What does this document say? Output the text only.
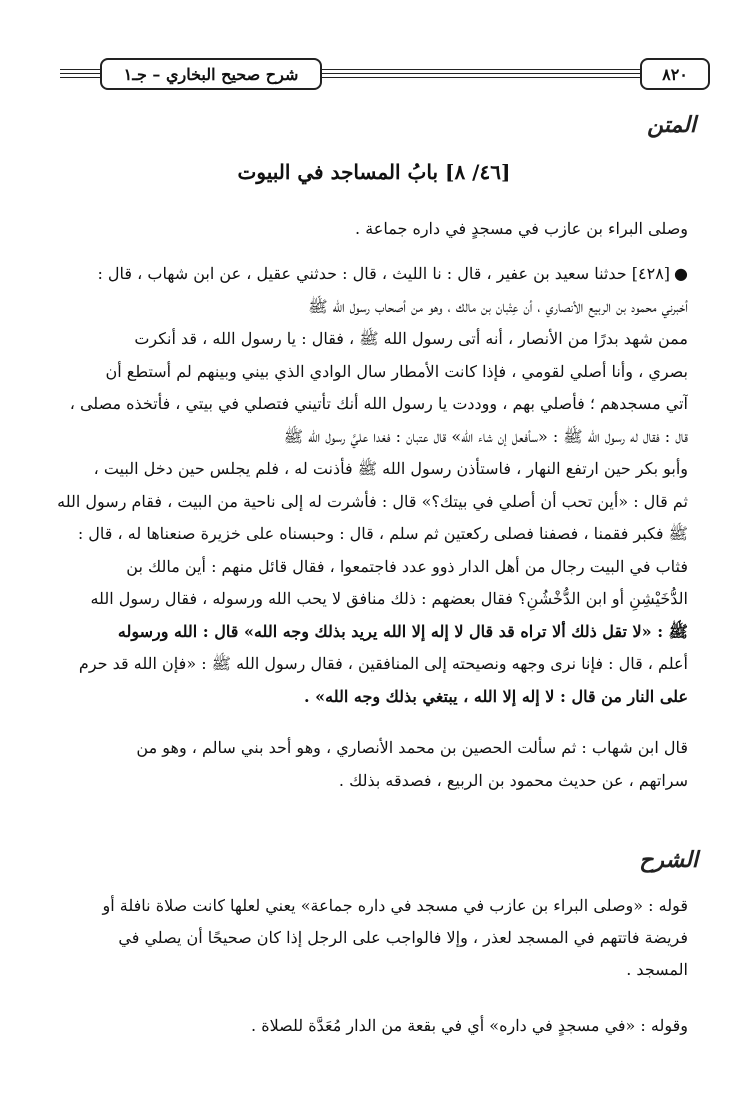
٨٢٠
شرح صحيح البخاري – جـ١
المتن
[٤٦/ ٨] بابُ المساجد في البيوت
وصلى البراء بن عازب في مسجدٍ في داره جماعة .
●[٤٢٨] حدثنا سعيد بن عفير ، قال : نا الليث ، قال : حدثني عقيل ، عن ابن شهاب ، قال :
أخبرني محمود بن الربيع الأنصاري ، أن عِتْبان بن مالك ، وهو من أصحاب رسول الله ﷺ
ممن شهد بدرًا من الأنصار ، أنه أتى رسول الله ﷺ ، فقال : يا رسول الله ، قد أنكرت
بصري ، وأنا أصلي لقومي ، فإذا كانت الأمطار سال الوادي الذي بيني وبينهم لم أستطع أن
آتي مسجدهم ؛ فأصلي بهم ، ووددت يا رسول الله أنك تأتيني فتصلي في بيتي ، فأتخذه مصلى ،
قال : فقال له رسول الله ﷺ : «سأفعل إن شاء الله» قال عتبان : فغدا عليَّ رسول الله ﷺ
وأبو بكر حين ارتفع النهار ، فاستأذن رسول الله ﷺ فأذنت له ، فلم يجلس حين دخل البيت ،
ثم قال : «أين تحب أن أصلي في بيتك؟» قال : فأشرت له إلى ناحية من البيت ، فقام رسول الله
ﷺ فكبر فقمنا ، فصفنا فصلى ركعتين ثم سلم ، قال : وحبسناه على خزيرة صنعناها له ، قال :
فثاب في البيت رجال من أهل الدار ذوو عدد فاجتمعوا ، فقال قائل منهم : أين مالك بن
الدُّخَيْشِنِ أو ابن الدُّخْشُنِ؟ فقال بعضهم : ذلك منافق لا يحب الله ورسوله ، فقال رسول الله
ﷺ : «لا تقل ذلك ألا تراه قد قال لا إله إلا الله يريد بذلك وجه الله» قال : الله ورسوله
أعلم ، قال : فإنا نرى وجهه ونصيحته إلى المنافقين ، فقال رسول الله ﷺ : «فإن الله قد حرم
على النار من قال : لا إله إلا الله ، يبتغي بذلك وجه الله» .
قال ابن شهاب : ثم سألت الحصين بن محمد الأنصاري ، وهو أحد بني سالم ، وهو من
سراتهم ، عن حديث محمود بن الربيع ، فصدقه بذلك .
الشرح
قوله : «وصلى البراء بن عازب في مسجد في داره جماعة» يعني لعلها كانت صلاة نافلة أو
فريضة فاتتهم في المسجد لعذر ، وإلا فالواجب على الرجل إذا كان صحيحًا أن يصلي في
المسجد .
وقوله : «في مسجدٍ في داره» أي في بقعة من الدار مُعَدَّة للصلاة .
